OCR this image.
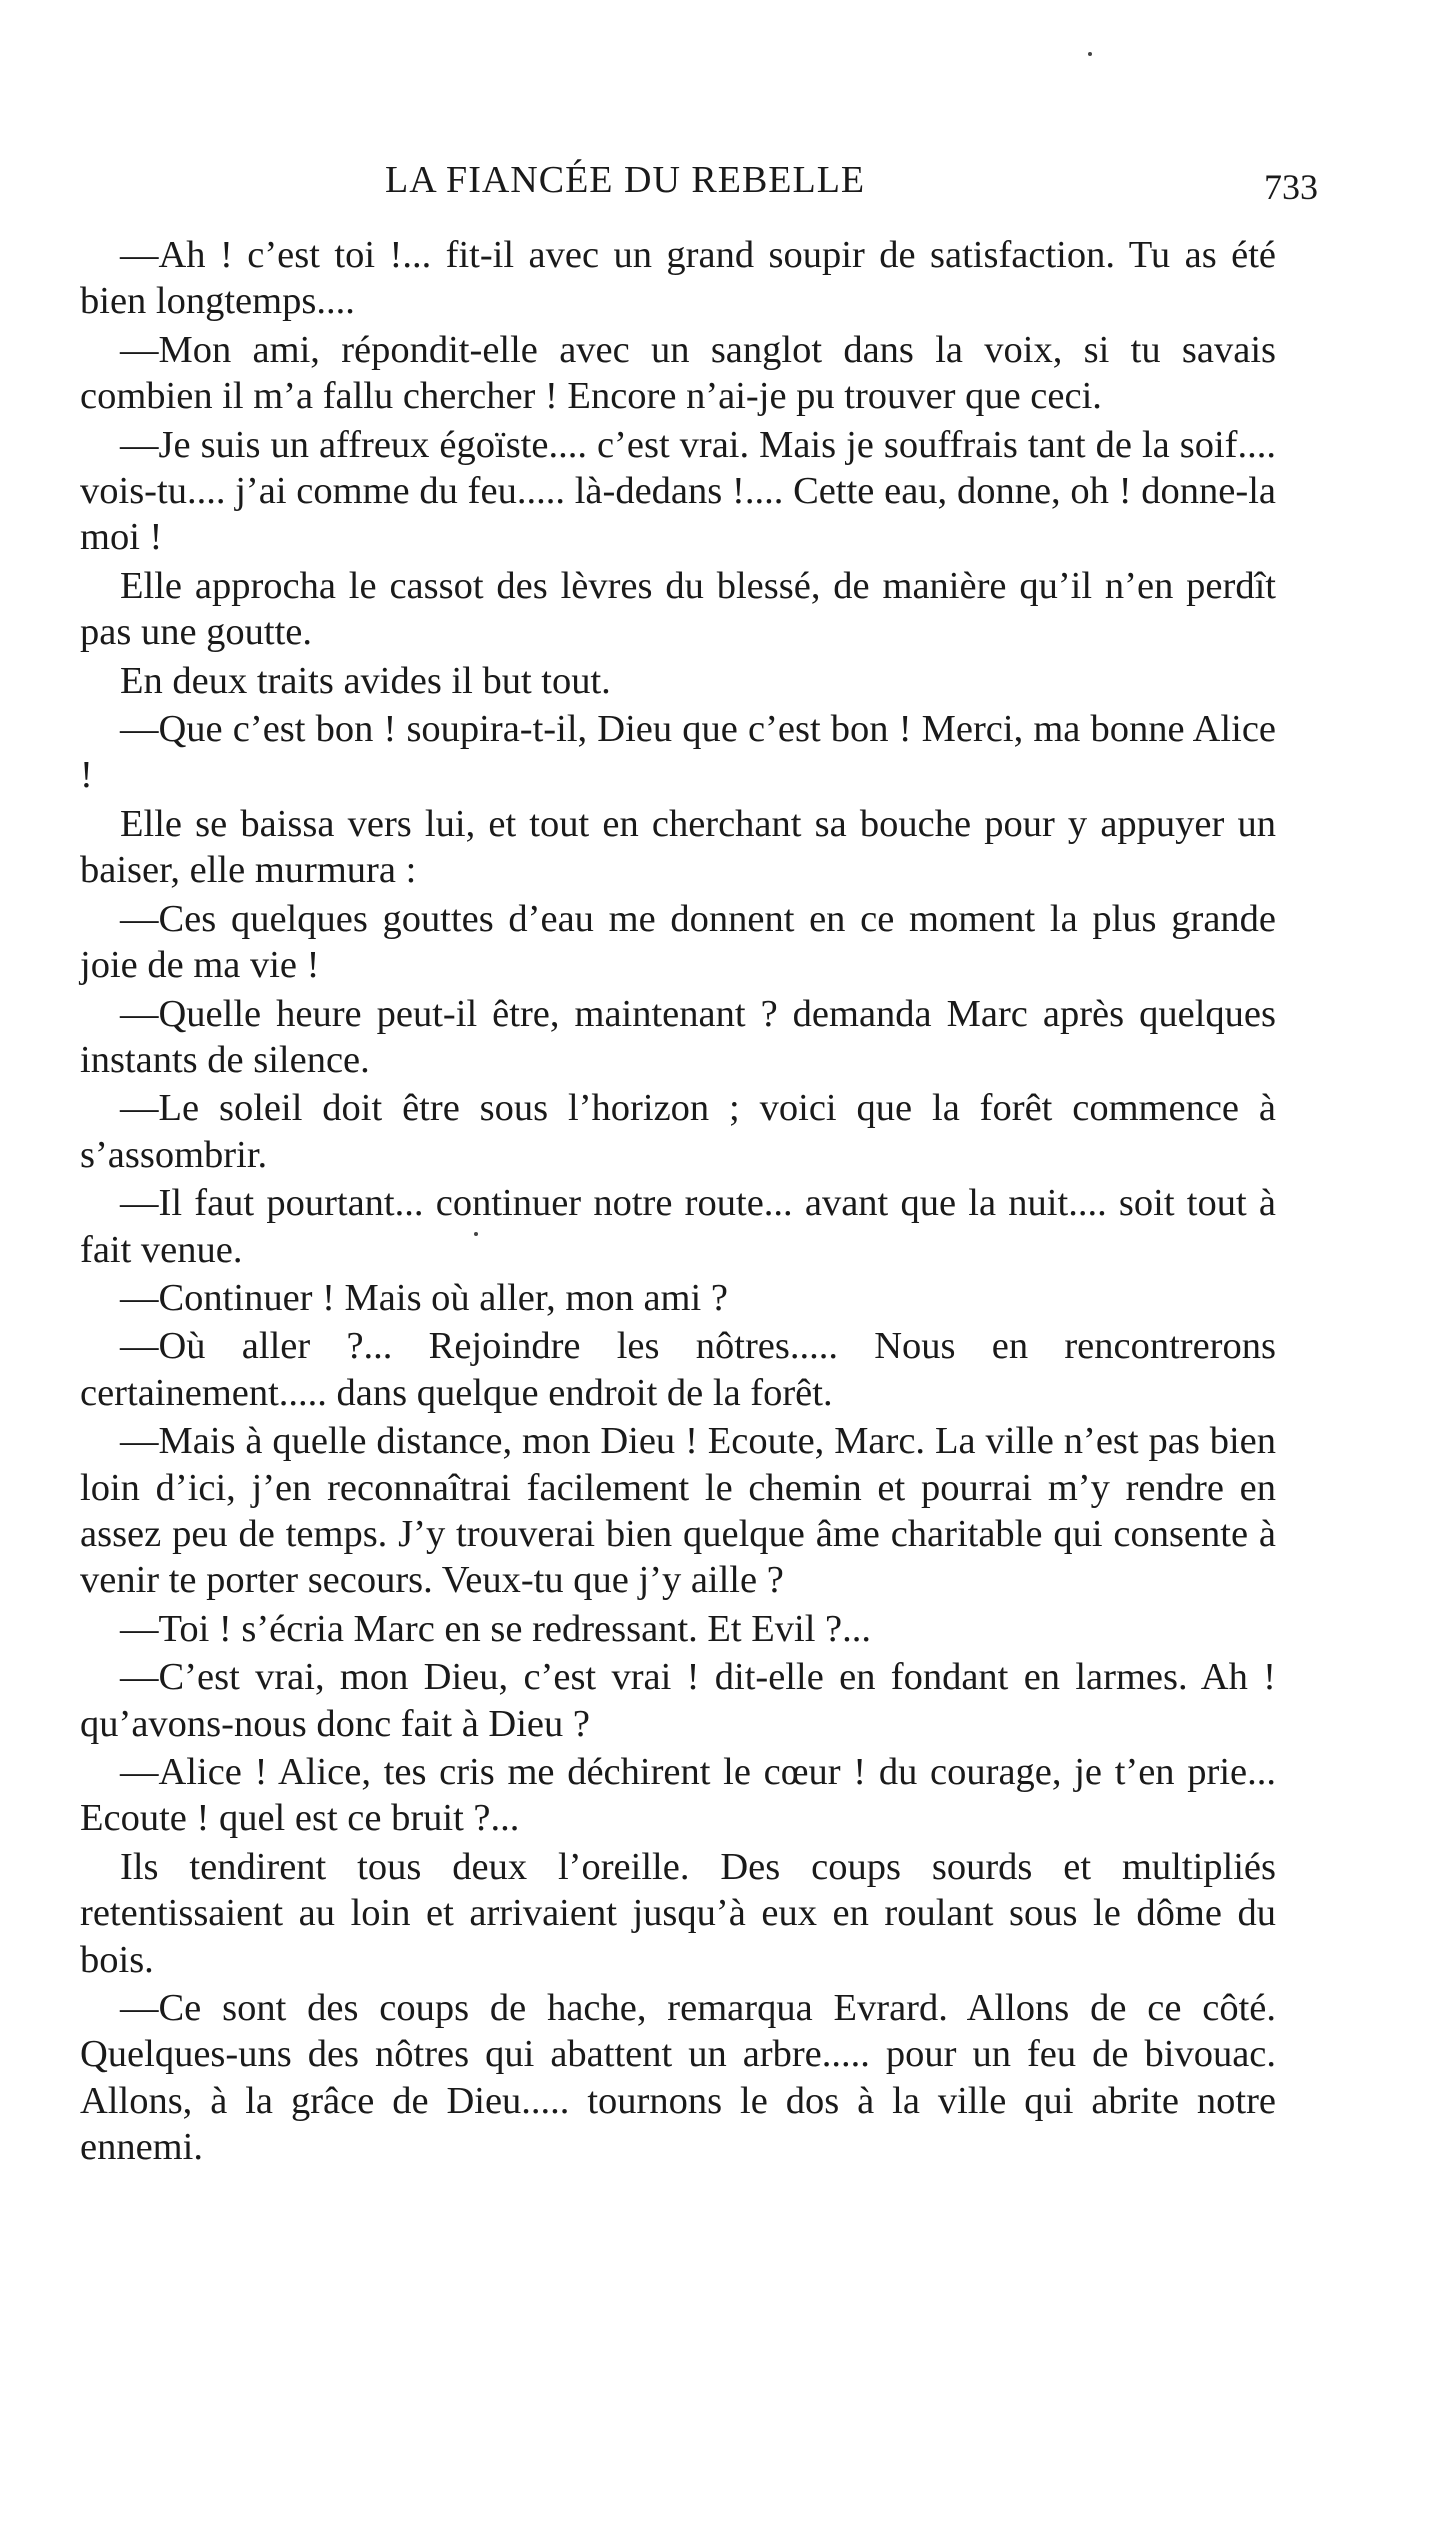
LA FIANCÉE DU REBELLE	733

—Ah ! c’est toi !... fit-il avec un grand soupir de satisfaction. Tu as été bien longtemps....

—Mon ami, répondit-elle avec un sanglot dans la voix, si tu savais combien il m’a fallu chercher ! Encore n’ai-je pu trouver que ceci.

—Je suis un affreux égoïste.... c’est vrai. Mais je souffrais tant de la soif.... vois-tu.... j’ai comme du feu..... là-dedans !.... Cette eau, donne, oh ! donne-la moi !

Elle approcha le cassot des lèvres du blessé, de manière qu’il n’en perdît pas une goutte.

En deux traits avides il but tout.

—Que c’est bon ! soupira-t-il, Dieu que c’est bon ! Merci, ma bonne Alice !

Elle se baissa vers lui, et tout en cherchant sa bouche pour y appuyer un baiser, elle murmura :

—Ces quelques gouttes d’eau me donnent en ce moment la plus grande joie de ma vie !

—Quelle heure peut-il être, maintenant ? demanda Marc après quelques instants de silence.

—Le soleil doit être sous l’horizon ; voici que la forêt commence à s’assombrir.

—Il faut pourtant... continuer notre route... avant que la nuit.... soit tout à fait venue.

—Continuer ! Mais où aller, mon ami ?

—Où aller ?... Rejoindre les nôtres..... Nous en rencontrerons certainement..... dans quelque endroit de la forêt.

—Mais à quelle distance, mon Dieu ! Ecoute, Marc. La ville n’est pas bien loin d’ici, j’en reconnaîtrai facilement le chemin et pourrai m’y rendre en assez peu de temps. J’y trouverai bien quelque âme charitable qui consente à venir te porter secours. Veux-tu que j’y aille ?

—Toi ! s’écria Marc en se redressant. Et Evil ?...

—C’est vrai, mon Dieu, c’est vrai ! dit-elle en fondant en larmes. Ah ! qu’avons-nous donc fait à Dieu ?

—Alice ! Alice, tes cris me déchirent le cœur ! du courage, je t’en prie... Ecoute ! quel est ce bruit ?...

Ils tendirent tous deux l’oreille. Des coups sourds et multipliés retentissaient au loin et arrivaient jusqu’à eux en roulant sous le dôme du bois.

—Ce sont des coups de hache, remarqua Evrard. Allons de ce côté. Quelques-uns des nôtres qui abattent un arbre..... pour un feu de bivouac. Allons, à la grâce de Dieu..... tournons le dos à la ville qui abrite notre ennemi.
